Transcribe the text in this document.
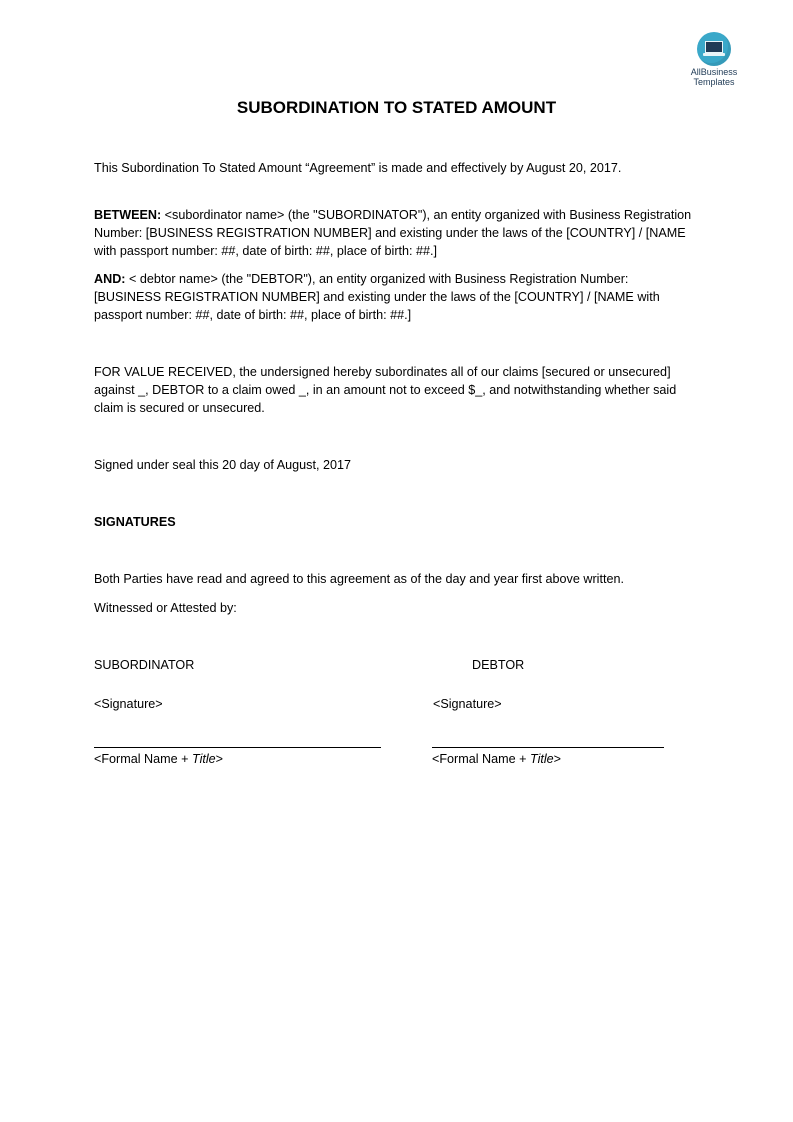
AllBusiness
Templates
SUBORDINATION TO STATED AMOUNT

This Subordination To Stated Amount “Agreement” is made and effectively by August 20, 2017.

BETWEEN: <subordinator name> (the "SUBORDINATOR"), an entity organized with Business Registration Number: [BUSINESS REGISTRATION NUMBER] and existing under the laws of the [COUNTRY] / [NAME with passport number: ##, date of birth: ##, place of birth: ##.]

AND: < debtor name> (the "DEBTOR"), an entity organized with Business Registration Number: [BUSINESS REGISTRATION NUMBER] and existing under the laws of the [COUNTRY] / [NAME with passport number: ##, date of birth: ##, place of birth: ##.]

FOR VALUE RECEIVED, the undersigned hereby subordinates all of our claims [secured or unsecured] against _, DEBTOR to a claim owed _, in an amount not to exceed $_, and notwithstanding whether said claim is secured or unsecured.

Signed under seal this 20 day of August, 2017

SIGNATURES

Both Parties have read and agreed to this agreement as of the day and year first above written.

Witnessed or Attested by:

SUBORDINATOR	DEBTOR
<Signature>	<Signature>
<Formal Name + Title>	<Formal Name + Title>
